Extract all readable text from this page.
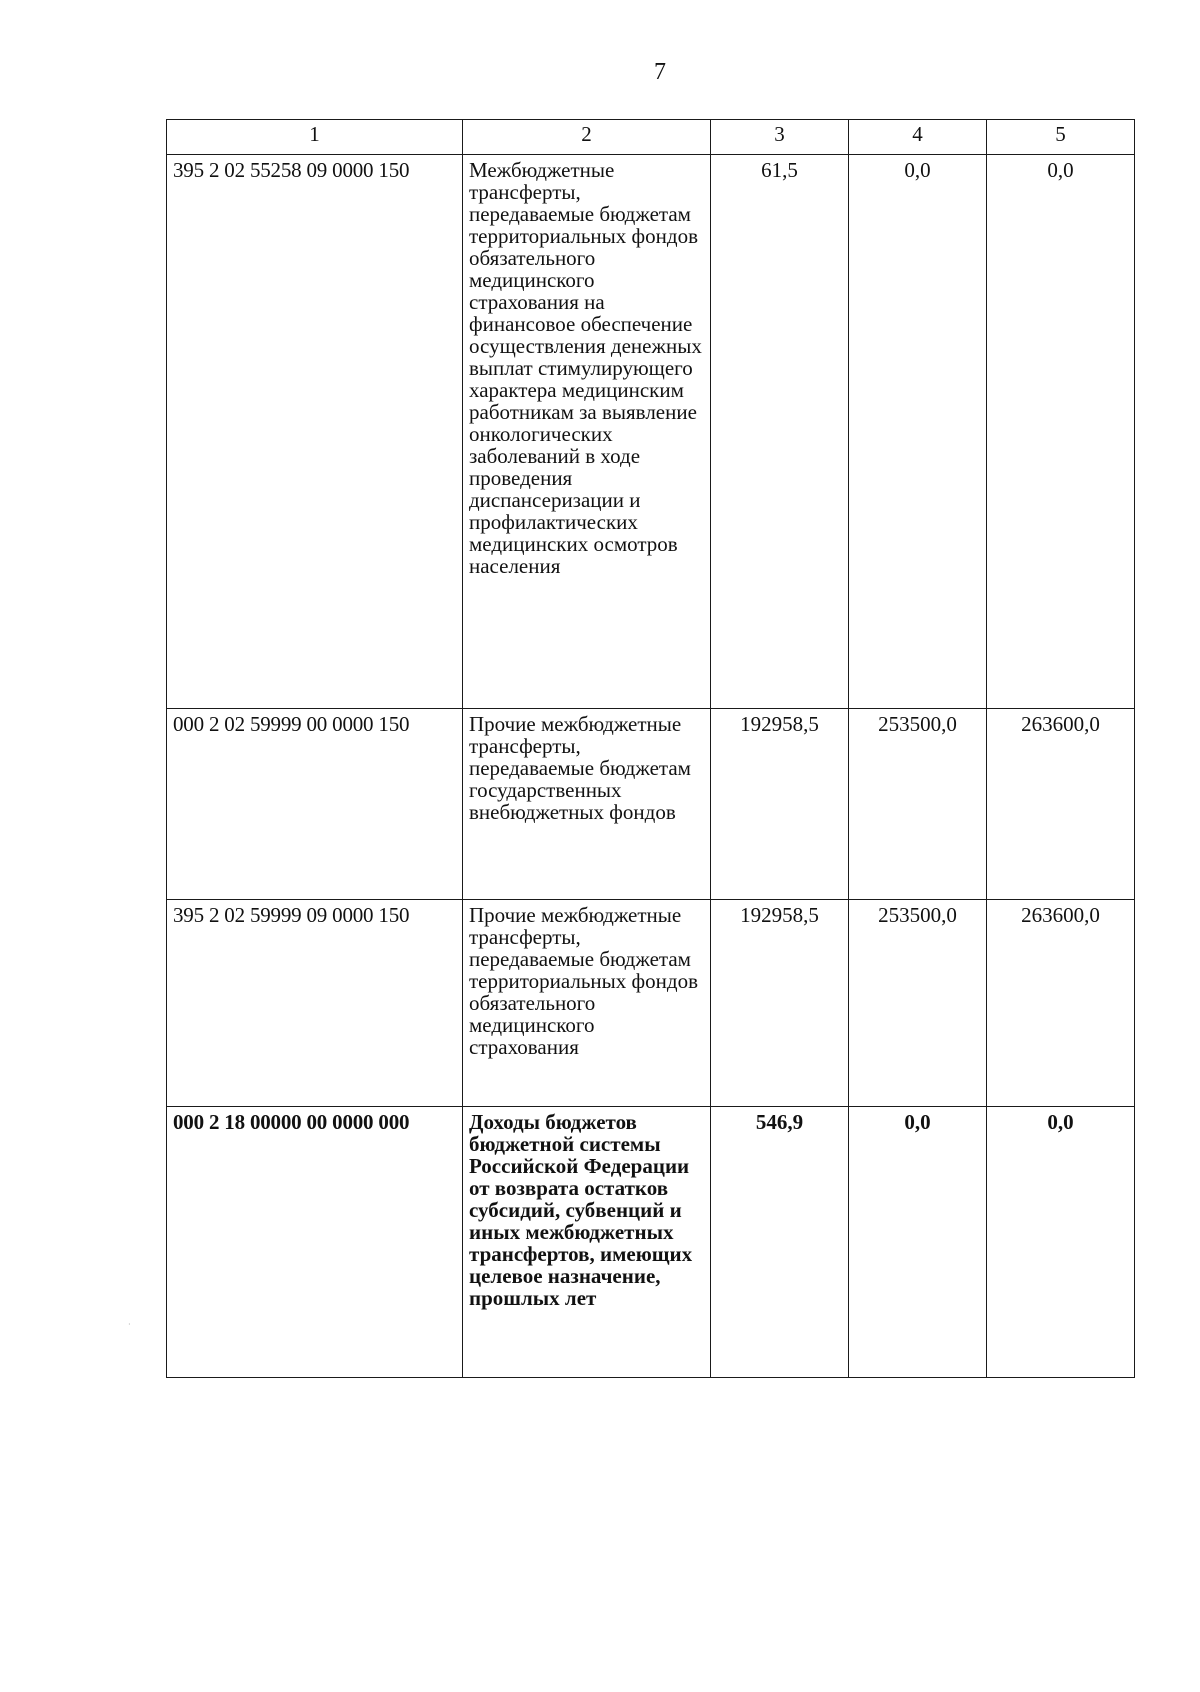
7
1	2	3	4	5
395 2 02 55258 09 0000 150	Межбюджетные трансферты, передаваемые бюджетам территориальных фондов обязательного медицинского страхования на финансовое обеспечение осуществления денежных выплат стимулирующего характера медицинским работникам за выявление онкологических заболеваний в ходе проведения диспансеризации и профилактических медицинских осмотров населения	61,5	0,0	0,0
000 2 02 59999 00 0000 150	Прочие межбюджетные трансферты, передаваемые бюджетам государственных внебюджетных фондов	192958,5	253500,0	263600,0
395 2 02 59999 09 0000 150	Прочие межбюджетные трансферты, передаваемые бюджетам территориальных фондов обязательного медицинского страхования	192958,5	253500,0	263600,0
000 2 18 00000 00 0000 000	Доходы бюджетов бюджетной системы Российской Федерации от возврата остатков субсидий, субвенций и иных межбюджетных трансфертов, имеющих целевое назначение, прошлых лет	546,9	0,0	0,0
·
